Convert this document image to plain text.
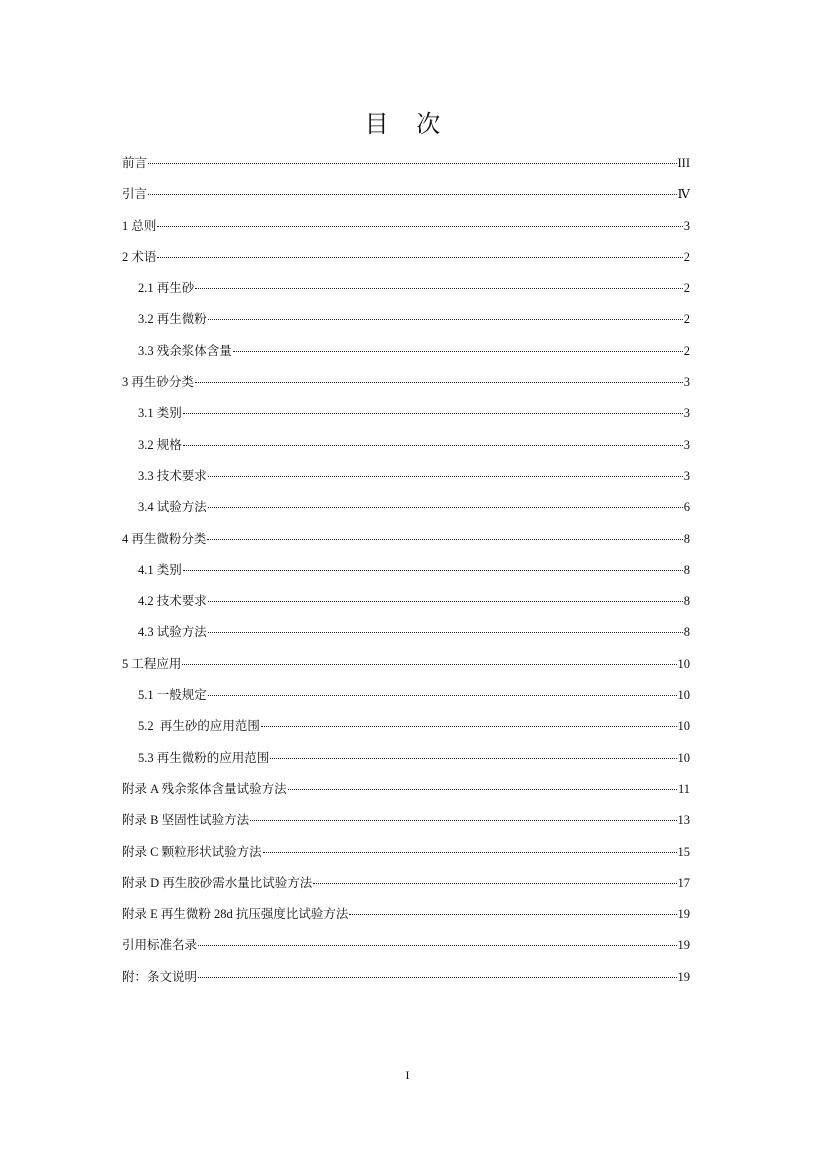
目 次
前言	III
引言	Ⅳ
1 总则	3
2 术语	2
2.1 再生砂	2
3.2 再生微粉	2
3.3 残余浆体含量	2
3 再生砂分类	3
3.1 类别	3
3.2 规格	3
3.3 技术要求	3
3.4 试验方法	6
4 再生微粉分类	8
4.1 类别	8
4.2 技术要求	8
4.3 试验方法	8
5 工程应用	10
5.1 一般规定	10
5.2  再生砂的应用范围	10
5.3 再生微粉的应用范围	10
附录 A 残余浆体含量试验方法	11
附录 B 坚固性试验方法	13
附录 C 颗粒形状试验方法	15
附录 D 再生胶砂需水量比试验方法	17
附录 E 再生微粉 28d 抗压强度比试验方法	19
引用标准名录	19
附：条文说明	19
I
